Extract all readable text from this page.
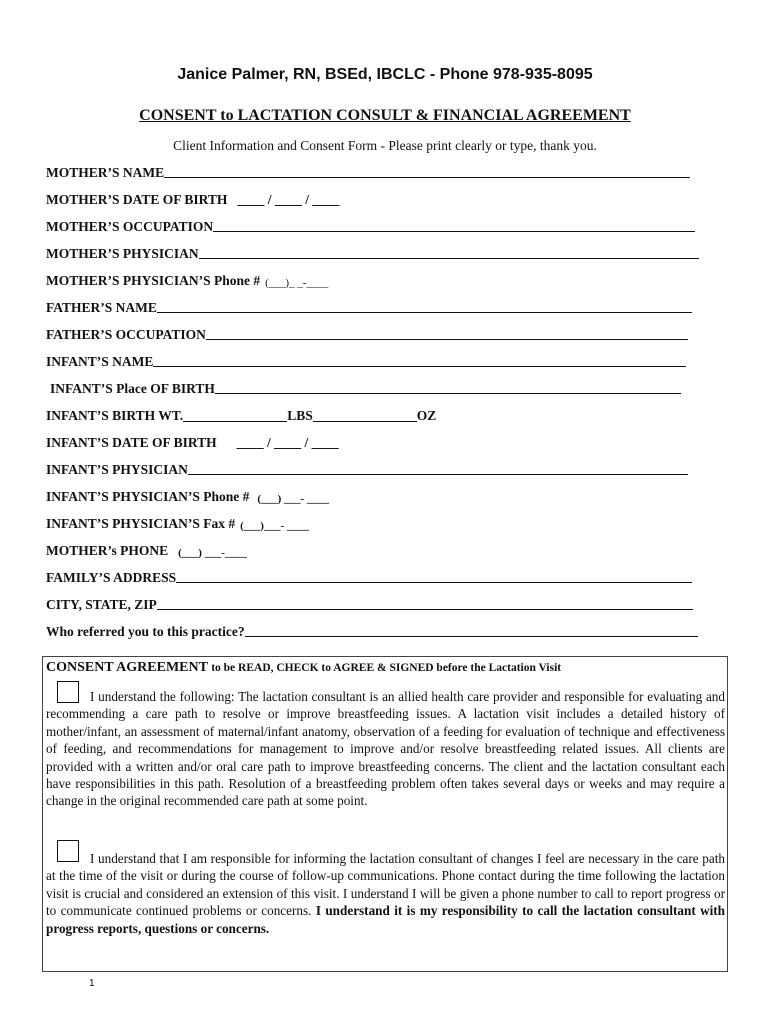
Janice Palmer, RN, BSEd, IBCLC - Phone 978-935-8095
CONSENT to LACTATION CONSULT & FINANCIAL AGREEMENT
Client Information and Consent Form - Please print clearly or type, thank you.
MOTHER’S NAME
MOTHER’S DATE OF BIRTH ____ / ____ / ____
MOTHER’S OCCUPATION
MOTHER’S PHYSICIAN
MOTHER’S PHYSICIAN’S Phone # (___)_ _-____
FATHER’S NAME
FATHER’S OCCUPATION
INFANT’S NAME
INFANT’S Place OF BIRTH
INFANT’S BIRTH WT.	LBS	OZ
INFANT’S DATE OF BIRTH ____ / ____ / ____
INFANT’S PHYSICIAN
INFANT’S PHYSICIAN’S Phone # (___) ___- ____
INFANT’S PHYSICIAN’S Fax # (___)___- ____
MOTHER’s PHONE (___) ___-____
FAMILY’S ADDRESS
CITY, STATE, ZIP
Who referred you to this practice?
CONSENT AGREEMENT to be READ, CHECK to AGREE & SIGNED before the Lactation Visit
I understand the following: The lactation consultant is an allied health care provider and responsible for evaluating and recommending a care path to resolve or improve breastfeeding issues. A lactation visit includes a detailed history of mother/infant, an assessment of maternal/infant anatomy, observation of a feeding for evaluation of technique and effectiveness of feeding, and recommendations for management to improve and/or resolve breastfeeding related issues. All clients are provided with a written and/or oral care path to improve breastfeeding concerns. The client and the lactation consultant each have responsibilities in this path. Resolution of a breastfeeding problem often takes several days or weeks and may require a change in the original recommended care path at some point.
I understand that I am responsible for informing the lactation consultant of changes I feel are necessary in the care path at the time of the visit or during the course of follow-up communications. Phone contact during the time following the lactation visit is crucial and considered an extension of this visit. I understand I will be given a phone number to call to report progress or to communicate continued problems or concerns. I understand it is my responsibility to call the lactation consultant with progress reports, questions or concerns.
1
